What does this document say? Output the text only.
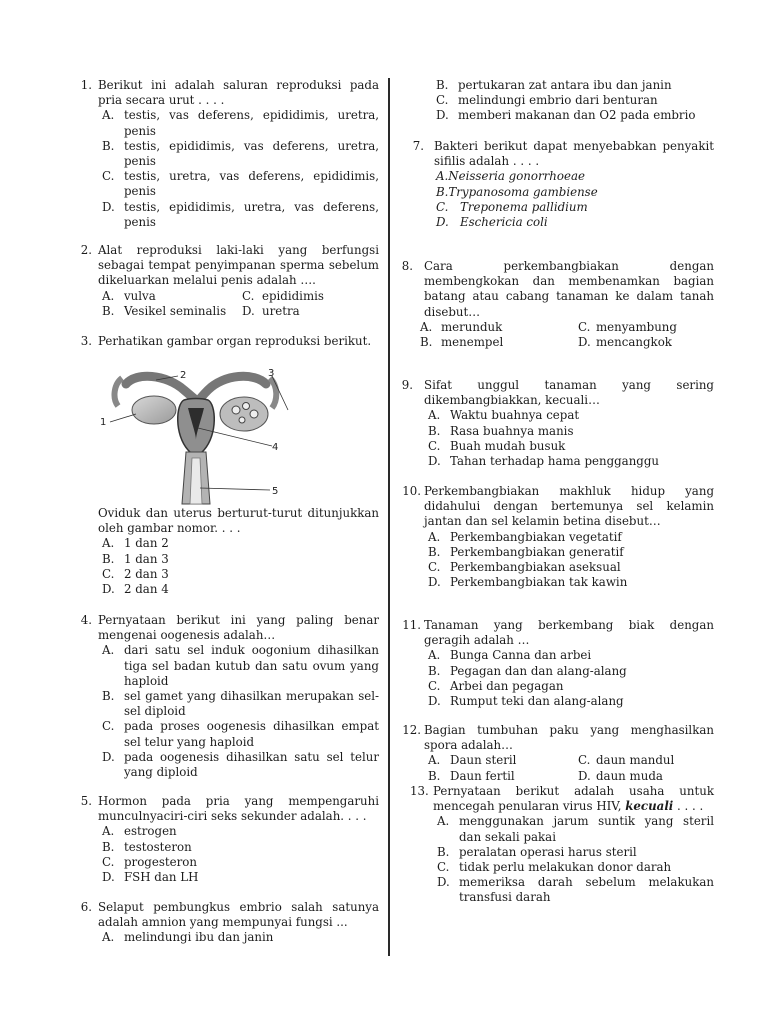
1. Berikut ini adalah saluran reproduksi pada pria secara urut . . . .
A. testis, vas deferens, epididimis, uretra, penis
B. testis, epididimis, vas deferens, uretra, penis
C. testis, uretra, vas deferens, epididimis, penis
D. testis, epididimis, uretra, vas deferens, penis
2. Alat reproduksi laki-laki yang berfungsi sebagai tempat penyimpanan sperma sebelum dikeluarkan melalui penis adalah ….
A. vulva	C. epididimis
B. Vesikel seminalis D. uretra
3. Perhatikan gambar organ reproduksi berikut.
1
2	3
4
5
Oviduk dan uterus berturut-turut ditunjukkan oleh gambar nomor. . . .
A. 1 dan 2
B. 1 dan 3
C. 2 dan 3
D. 2 dan 4
4. Pernyataan berikut ini yang paling benar mengenai oogenesis adalah…
A. dari satu sel induk oogonium dihasilkan tiga sel badan kutub dan satu ovum yang haploid
B. sel gamet yang dihasilkan merupakan sel-sel diploid
C. pada proses oogenesis dihasilkan empat sel telur yang haploid
D. pada oogenesis dihasilkan satu sel telur yang diploid
5. Hormon pada pria yang mempengaruhi munculnyaciri-ciri seks sekunder adalah. . . .
A. estrogen
B. testosteron
C. progesteron
D. FSH dan LH
6. Selaput pembungkus embrio salah satunya adalah amnion yang mempunyai fungsi ...
A. melindungi ibu dan janin
B. pertukaran zat antara ibu dan janin
C. melindungi embrio dari benturan
D. memberi makanan dan O2 pada embrio
7. Bakteri berikut dapat menyebabkan penyakit sifilis adalah . . . .
A.Neisseria gonorrhoeae
B.Trypanosoma gambiense
C. Treponema pallidium
D. Eschericia coli
8. Cara perkembangbiakan dengan membengkokan dan membenamkan bagian batang atau cabang tanaman ke dalam tanah disebut…
A. merunduk	C. menyambung
B. menempel	D. mencangkok
9. Sifat unggul tanaman yang sering dikembangbiakkan, kecuali…
A. Waktu buahnya cepat
B. Rasa buahnya manis
C. Buah mudah busuk
D. Tahan terhadap hama pengganggu
10. Perkembangbiakan makhluk hidup yang didahului dengan bertemunya sel kelamin jantan dan sel kelamin betina disebut…
A. Perkembangbiakan vegetatif
B. Perkembangbiakan generatif
C. Perkembangbiakan aseksual
D. Perkembangbiakan tak kawin
11. Tanaman yang berkembang biak dengan geragih adalah …
A. Bunga Canna dan arbei
B. Pegagan dan dan alang-alang
C. Arbei dan pegagan
D. Rumput teki dan alang-alang
12. Bagian tumbuhan paku yang menghasilkan spora adalah…
A. Daun steril	C. daun mandul
B. Daun fertil	D. daun muda
13. Pernyataan berikut adalah usaha untuk mencegah penularan virus HIV, kecuali . . . .
A. menggunakan jarum suntik yang steril dan sekali pakai
B. peralatan operasi harus steril
C. tidak perlu melakukan donor darah
D. memeriksa darah sebelum melakukan transfusi darah
